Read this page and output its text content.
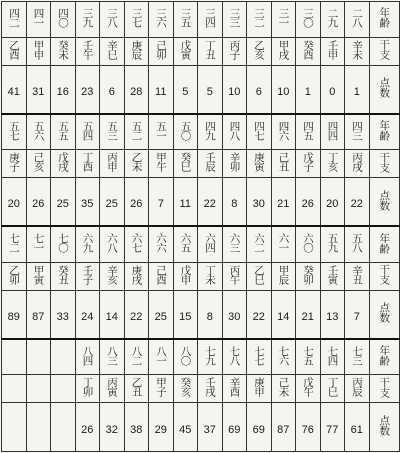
四二	四一	四〇	三九	三八	三七	三六	三五	三四	三三	三二	三一	三〇	二九	二八	年齢
乙酉	甲申	癸未	壬午	辛巳	庚辰	己卯	戊寅	丁丑	丙子	乙亥	甲戌	癸酉	壬申	辛未	干支
41	31	16	23	6	28	11	5	5	10	6	10	1	0	1	点数
五七	五六	五五	五四	五三	五二	五一	五〇	四九	四八	四七	四六	四五	四四	四三	年齢
庚子	己亥	戊戌	丁酉	丙申	乙未	甲午	癸巳	壬辰	辛卯	庚寅	己丑	戊子	丁亥	丙戌	干支
20	26	25	35	25	26	7	11	22	8	30	21	26	20	22	点数
七二	七一	七〇	六九	六八	六七	六六	六五	六四	六三	六二	六一	六〇	五九	五八	年齢
乙卯	甲寅	癸丑	壬子	辛亥	庚戌	己酉	戊申	丁未	丙午	乙巳	甲辰	癸卯	壬寅	辛丑	干支
89	87	33	24	14	22	25	15	8	30	22	14	21	13	7	点数
			八四	八三	八二	八一	八〇	七九	七八	七七	七六	七五	七四	七三	年齢
			丁卯	丙寅	乙丑	甲子	癸亥	壬戌	辛酉	庚申	己未	戊午	丁巳	丙辰	干支
			26	32	38	29	45	37	69	69	87	76	77	61	点数
